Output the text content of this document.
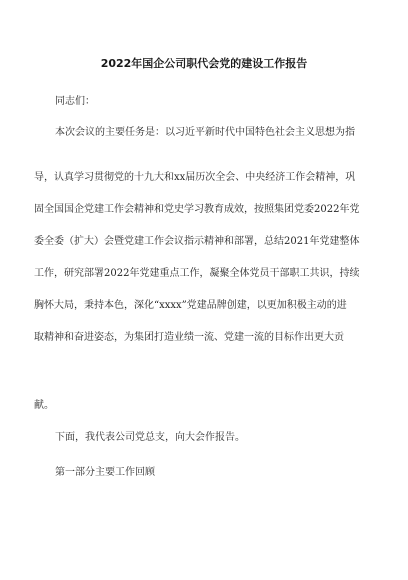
2022年国企公司职代会党的建设工作报告
同志们：
本次会议的主要任务是：以习近平新时代中国特色社会主义思想为指
导，认真学习贯彻党的十九大和xx届历次全会、中央经济工作会精神，巩
固全国国企党建工作会精神和党史学习教育成效，按照集团党委2022年党
委全委（扩大）会暨党建工作会议指示精神和部署，总结2021年党建整体
工作，研究部署2022年党建重点工作，凝聚全体党员干部职工共识，持续
胸怀大局，秉持本色，深化“xxxx”党建品牌创建，以更加积极主动的进
取精神和奋进姿态，为集团打造业绩一流、党建一流的目标作出更大贡
献。
下面，我代表公司党总支，向大会作报告。
第一部分主要工作回顾
